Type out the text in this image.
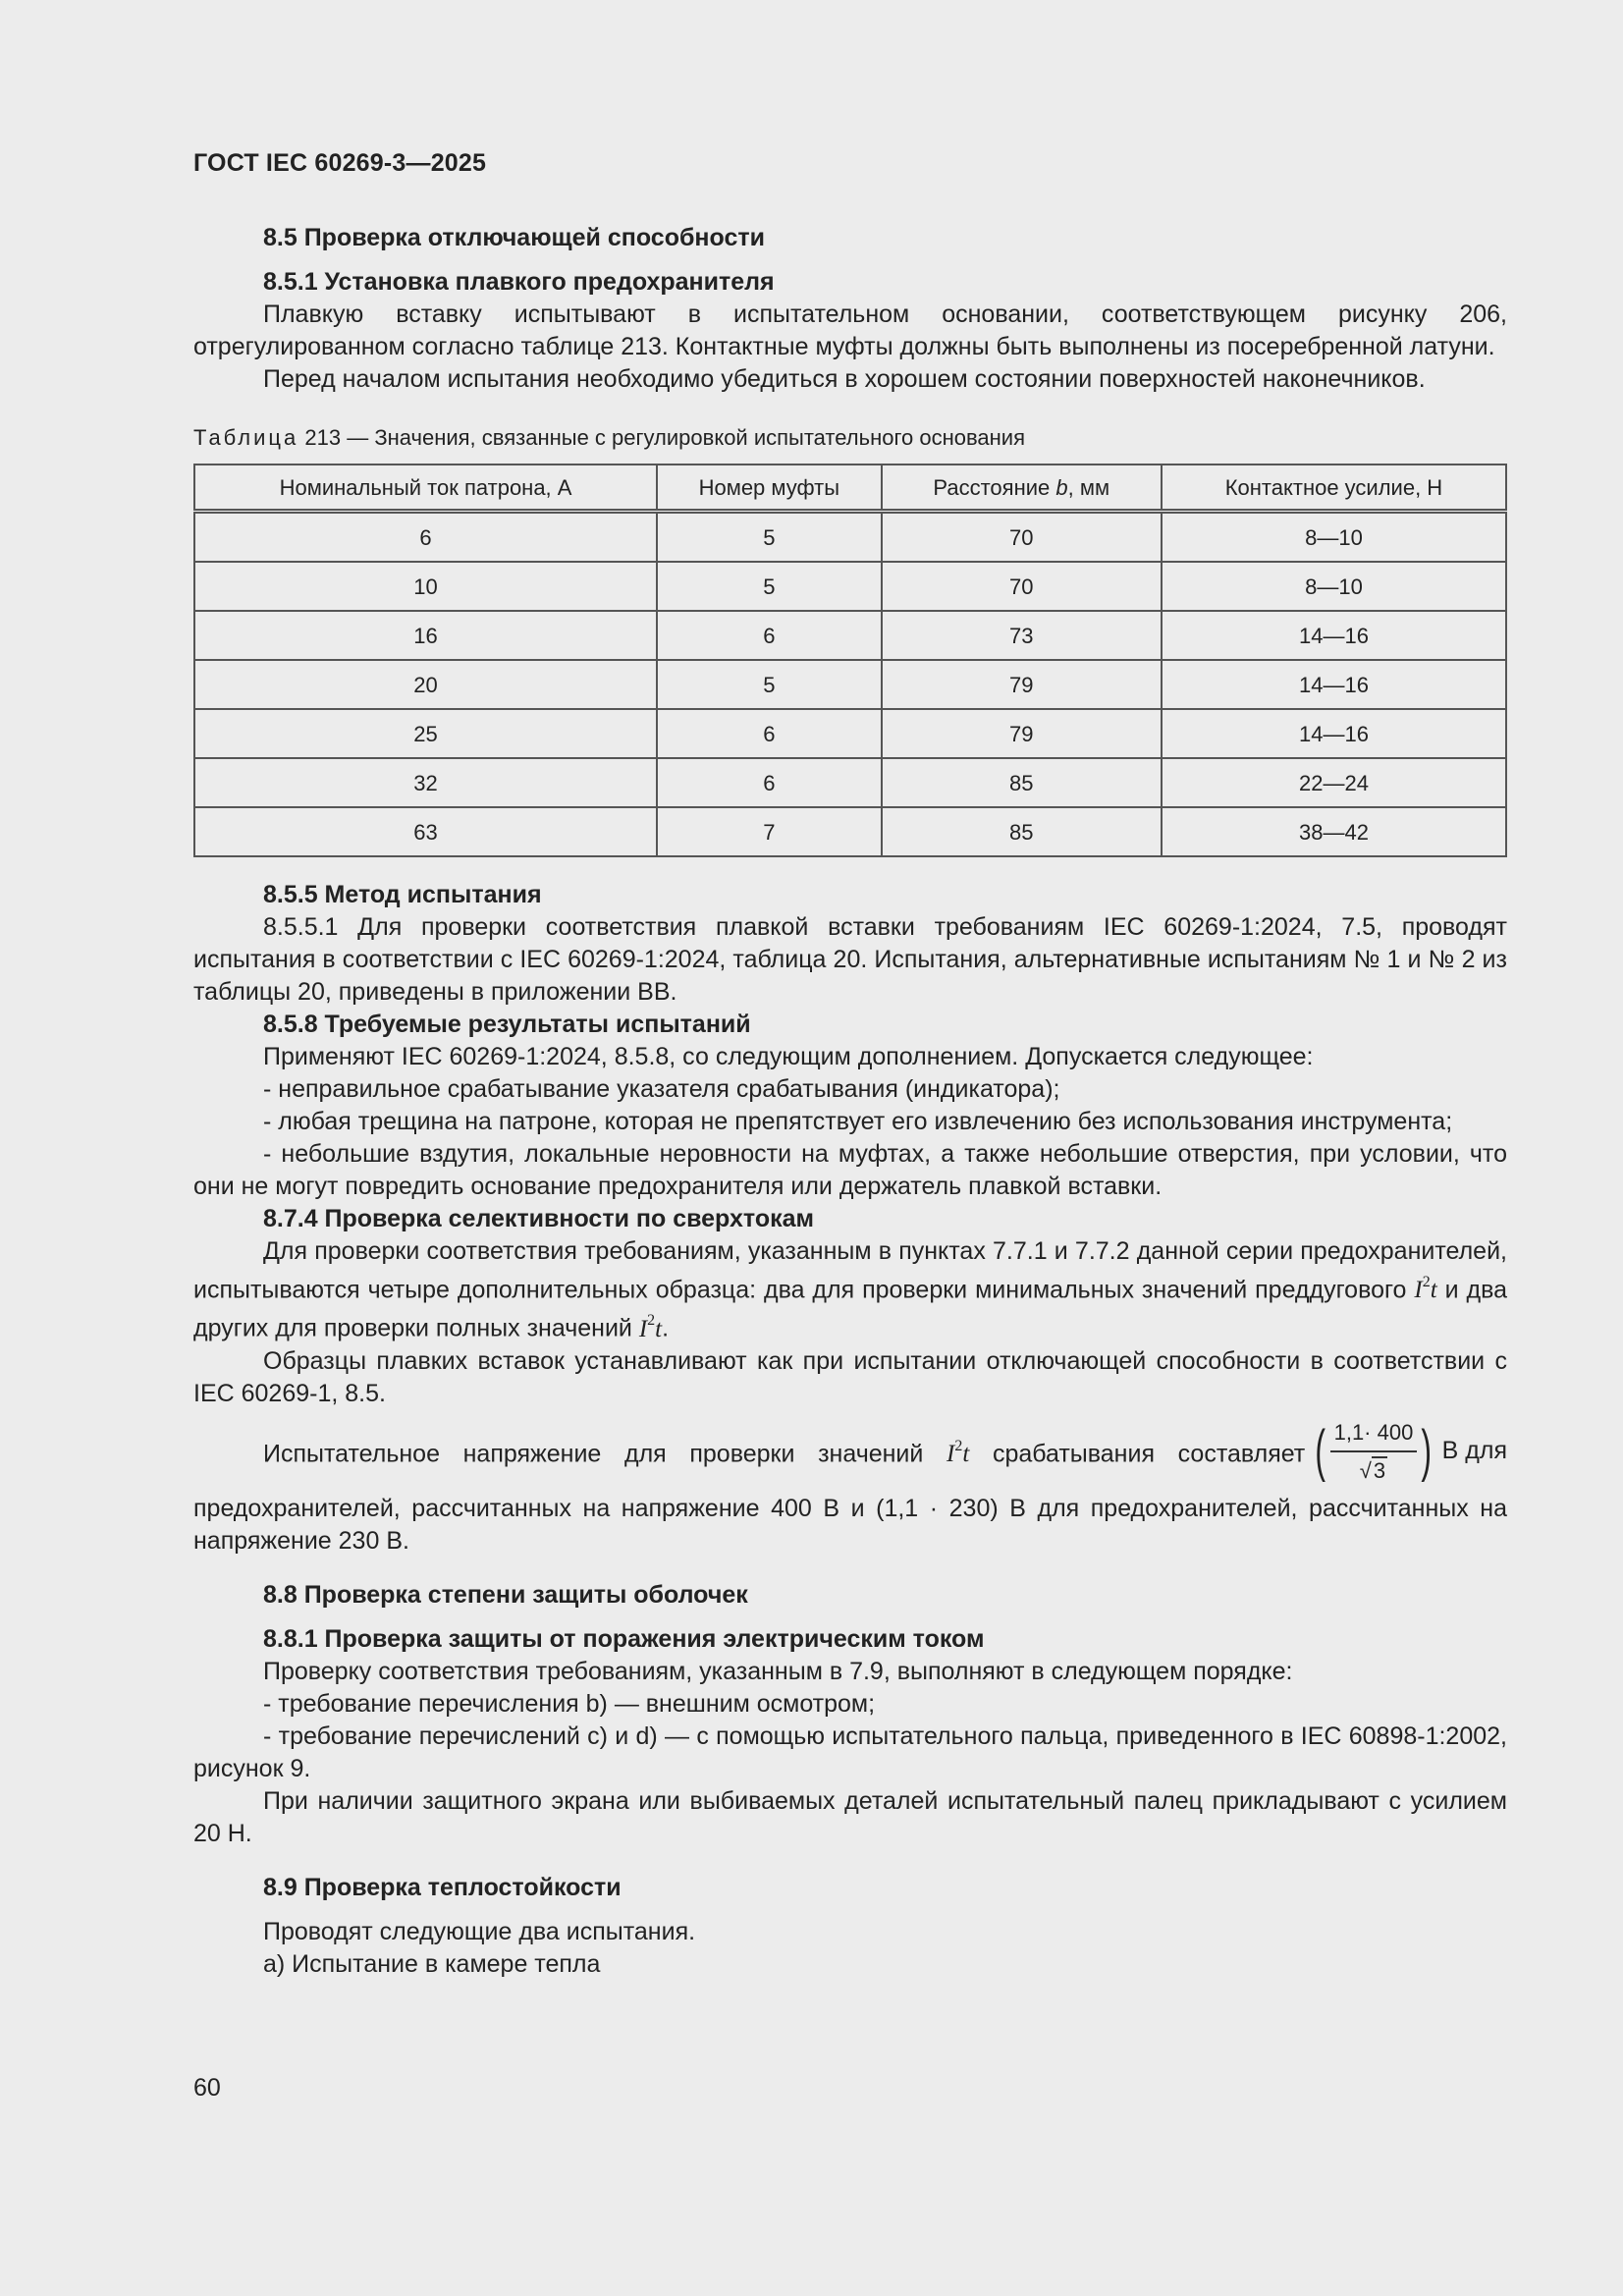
ГОСТ IEC 60269-3—2025
8.5 Проверка отключающей способности
8.5.1 Установка плавкого предохранителя
Плавкую вставку испытывают в испытательном основании, соответствующем рисунку 206, отрегулированном согласно таблице 213. Контактные муфты должны быть выполнены из посеребренной латуни.
Перед началом испытания необходимо убедиться в хорошем состоянии поверхностей наконечников.
Таблица 213 — Значения, связанные с регулировкой испытательного основания
Номинальный ток патрона, А	Номер муфты	Расстояние b, мм	Контактное усилие, Н
6	5	70	8—10
10	5	70	8—10
16	6	73	14—16
20	5	79	14—16
25	6	79	14—16
32	6	85	22—24
63	7	85	38—42
8.5.5 Метод испытания
8.5.5.1 Для проверки соответствия плавкой вставки требованиям IEC 60269-1:2024, 7.5, проводят испытания в соответствии с IEC 60269-1:2024, таблица 20. Испытания, альтернативные испытаниям № 1 и № 2 из таблицы 20, приведены в приложении ВВ.
8.5.8 Требуемые результаты испытаний
Применяют IEC 60269-1:2024, 8.5.8, со следующим дополнением. Допускается следующее:
- неправильное срабатывание указателя срабатывания (индикатора);
- любая трещина на патроне, которая не препятствует его извлечению без использования инструмента;
- небольшие вздутия, локальные неровности на муфтах, а также небольшие отверстия, при условии, что они не могут повредить основание предохранителя или держатель плавкой вставки.
8.7.4 Проверка селективности по сверхтокам
Для проверки соответствия требованиям, указанным в пунктах 7.7.1 и 7.7.2 данной серии предохранителей, испытываются четыре дополнительных образца: два для проверки минимальных значений преддугового $I^2t$ и два других для проверки полных значений $I^2t$.
Образцы плавких вставок устанавливают как при испытании отключающей способности в соответствии с IEC 60269-1, 8.5.
Испытательное напряжение для проверки значений $I^2t$ срабатывания составляет ( $\frac{1,1\cdot 400}{√3}$ ) В для
предохранителей, рассчитанных на напряжение 400 В и (1,1 · 230) В для предохранителей, рассчитанных на напряжение 230 В.
8.8 Проверка степени защиты оболочек
8.8.1 Проверка защиты от поражения электрическим током
Проверку соответствия требованиям, указанным в 7.9, выполняют в следующем порядке:
- требование перечисления b) — внешним осмотром;
- требование перечислений c) и d) — с помощью испытательного пальца, приведенного в IEC 60898-1:2002, рисунок 9.
При наличии защитного экрана или выбиваемых деталей испытательный палец прикладывают с усилием 20 Н.
8.9 Проверка теплостойкости
Проводят следующие два испытания.
а) Испытание в камере тепла
60
